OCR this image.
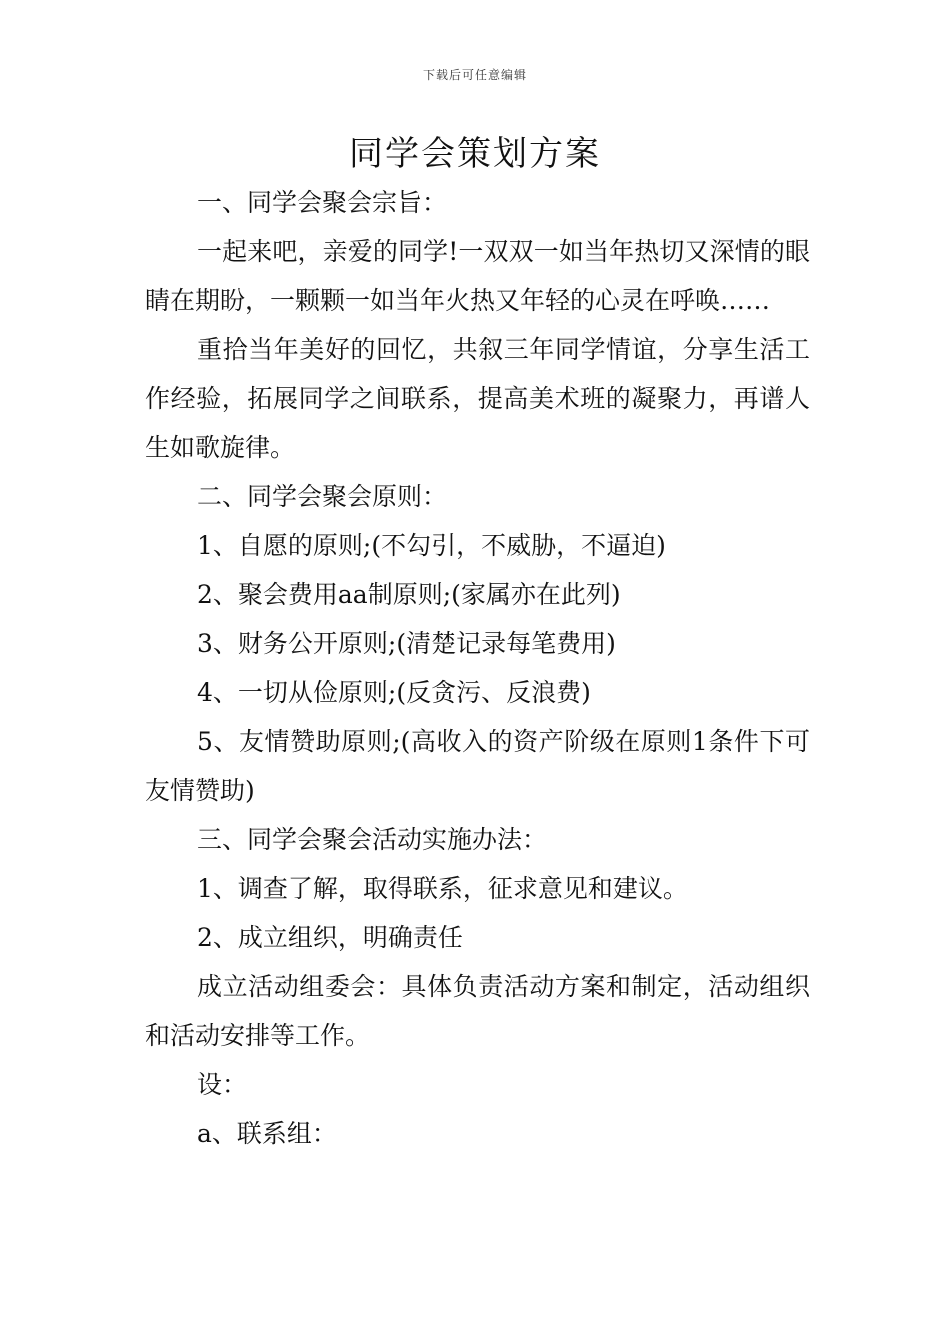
下载后可任意编辑
同学会策划方案

一、同学会聚会宗旨：

一起来吧，亲爱的同学!一双双一如当年热切又深情的眼睛在期盼，一颗颗一如当年火热又年轻的心灵在呼唤……

重拾当年美好的回忆，共叙三年同学情谊，分享生活工作经验，拓展同学之间联系，提高美术班的凝聚力，再谱人生如歌旋律。

二、同学会聚会原则：

1、自愿的原则;(不勾引，不威胁，不逼迫)

2、聚会费用aa制原则;(家属亦在此列)

3、财务公开原则;(清楚记录每笔费用)

4、一切从俭原则;(反贪污、反浪费)

5、友情赞助原则;(高收入的资产阶级在原则1条件下可友情赞助)

三、同学会聚会活动实施办法：

1、调查了解，取得联系，征求意见和建议。

2、成立组织，明确责任

成立活动组委会：具体负责活动方案和制定，活动组织和活动安排等工作。

设：

a、联系组：
